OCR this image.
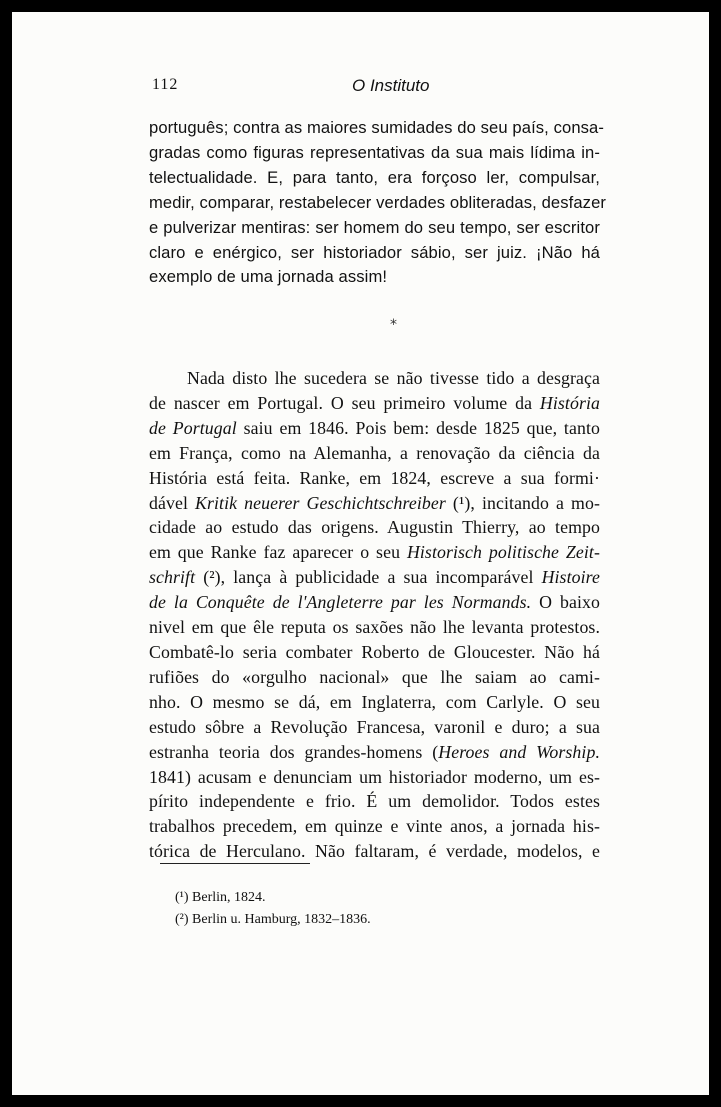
112	O Instituto
português; contra as maiores sumidades do seu país, consa-
gradas como figuras representativas da sua mais lídima in-
telectualidade. E, para tanto, era forçoso ler, compulsar,
medir, comparar, restabelecer verdades obliteradas, desfazer
e pulverizar mentiras: ser homem do seu tempo, ser escritor
claro e enérgico, ser historiador sábio, ser juiz. ¡Não há
exemplo de uma jornada assim!
*
Nada disto lhe sucedera se não tivesse tido a desgraça
de nascer em Portugal. O seu primeiro volume da História
de Portugal saiu em 1846. Pois bem: desde 1825 que, tanto
em França, como na Alemanha, a renovação da ciência da
História está feita. Ranke, em 1824, escreve a sua formi·
dável Kritik neuerer Geschichtschreiber (¹), incitando a mo-
cidade ao estudo das origens. Augustin Thierry, ao tempo
em que Ranke faz aparecer o seu Historisch politische Zeit-
schrift (²), lança à publicidade a sua incomparável Histoire
de la Conquête de l'Angleterre par les Normands. O baixo
nivel em que êle reputa os saxões não lhe levanta protestos.
Combatê-lo seria combater Roberto de Gloucester. Não há
rufiões do «orgulho nacional» que lhe saiam ao cami-
nho. O mesmo se dá, em Inglaterra, com Carlyle. O seu
estudo sôbre a Revolução Francesa, varonil e duro; a sua
estranha teoria dos grandes-homens (Heroes and Worship.
1841) acusam e denunciam um historiador moderno, um es-
pírito independente e frio. É um demolidor. Todos estes
trabalhos precedem, em quinze e vinte anos, a jornada his-
tórica de Herculano. Não faltaram, é verdade, modelos, e
(¹) Berlin, 1824.
(²) Berlin u. Hamburg, 1832–1836.
